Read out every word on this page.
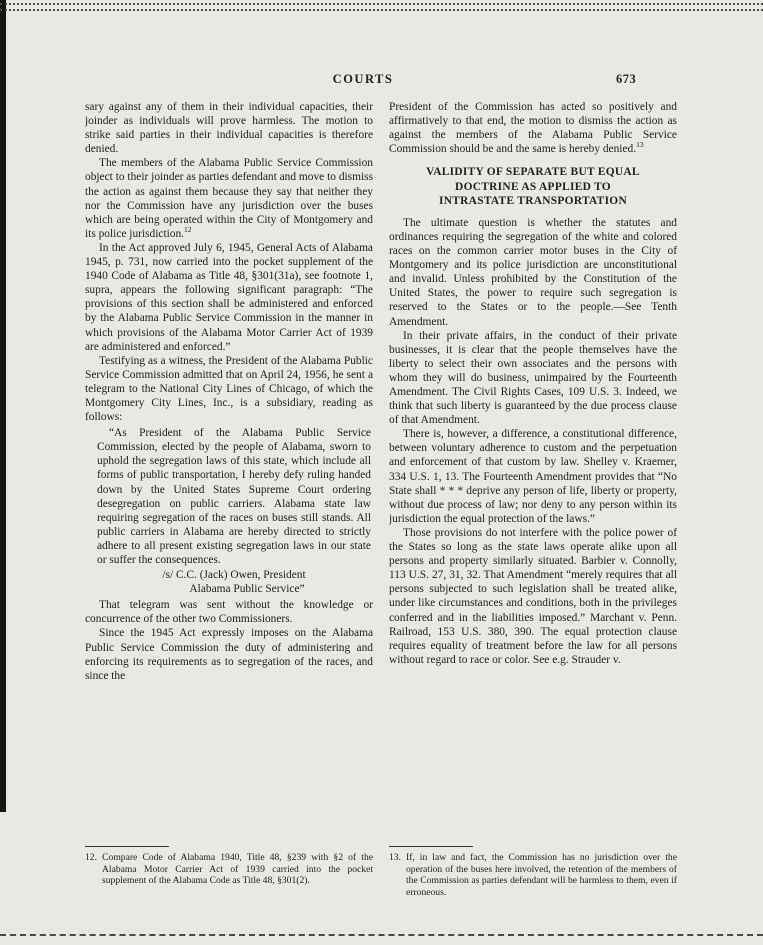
COURTS	673

sary against any of them in their individual capacities, their joinder as individuals will prove harmless. The motion to strike said parties in their individual capacities is therefore denied.

The members of the Alabama Public Service Commission object to their joinder as parties defendant and move to dismiss the action as against them because they say that neither they nor the Commission have any jurisdiction over the buses which are being operated within the City of Montgomery and its police jurisdiction.$^{12}$

In the Act approved July 6, 1945, General Acts of Alabama 1945, p. 731, now carried into the pocket supplement of the 1940 Code of Alabama as Title 48, §301(31a), see footnote 1, supra, appears the following significant paragraph: “The provisions of this section shall be administered and enforced by the Alabama Public Service Commission in the manner in which provisions of the Alabama Motor Carrier Act of 1939 are administered and enforced.”

Testifying as a witness, the President of the Alabama Public Service Commission admitted that on April 24, 1956, he sent a telegram to the National City Lines of Chicago, of which the Montgomery City Lines, Inc., is a subsidiary, reading as follows:

“As President of the Alabama Public Service Commission, elected by the people of Alabama, sworn to uphold the segregation laws of this state, which include all forms of public transportation, I hereby defy ruling handed down by the United States Supreme Court ordering desegregation on public carriers. Alabama state law requiring segregation of the races on buses still stands. All public carriers in Alabama are hereby directed to strictly adhere to all present existing segregation laws in our state or suffer the consequences.

/s/ C.C. (Jack) Owen, President
Alabama Public Service”

That telegram was sent without the knowledge or concurrence of the other two Commissioners.

Since the 1945 Act expressly imposes on the Alabama Public Service Commission the duty of administering and enforcing its requirements as to segregation of the races, and since the

President of the Commission has acted so positively and affirmatively to that end, the motion to dismiss the action as against the members of the Alabama Public Service Commission should be and the same is hereby denied.$^{13}$

VALIDITY OF SEPARATE BUT EQUAL
DOCTRINE AS APPLIED TO
INTRASTATE TRANSPORTATION

The ultimate question is whether the statutes and ordinances requiring the segregation of the white and colored races on the common carrier motor buses in the City of Montgomery and its police jurisdiction are unconstitutional and invalid. Unless prohibited by the Constitution of the United States, the power to require such segregation is reserved to the States or to the people.—See Tenth Amendment.

In their private affairs, in the conduct of their private businesses, it is clear that the people themselves have the liberty to select their own associates and the persons with whom they will do business, unimpaired by the Fourteenth Amendment. The Civil Rights Cases, 109 U.S. 3. Indeed, we think that such liberty is guaranteed by the due process clause of that Amendment.

There is, however, a difference, a constitutional difference, between voluntary adherence to custom and the perpetuation and enforcement of that custom by law. Shelley v. Kraemer, 334 U.S. 1, 13. The Fourteenth Amendment provides that “No State shall * * * deprive any person of life, liberty or property, without due process of law; nor deny to any person within its jurisdiction the equal protection of the laws.”

Those provisions do not interfere with the police power of the States so long as the state laws operate alike upon all persons and property similarly situated. Barbier v. Connolly, 113 U.S. 27, 31, 32. That Amendment “merely requires that all persons subjected to such legislation shall be treated alike, under like circumstances and conditions, both in the privileges conferred and in the liabilities imposed.” Marchant v. Penn. Railroad, 153 U.S. 380, 390. The equal protection clause requires equality of treatment before the law for all persons without regard to race or color. See e.g. Strauder v.

12. Compare Code of Alabama 1940, Title 48, §239 with §2 of the Alabama Motor Carrier Act of 1939 carried into the pocket supplement of the Alabama Code as Title 48, §301(2).

13. If, in law and fact, the Commission has no jurisdiction over the operation of the buses here involved, the retention of the members of the Commission as parties defendant will be harmless to them, even if erroneous.
